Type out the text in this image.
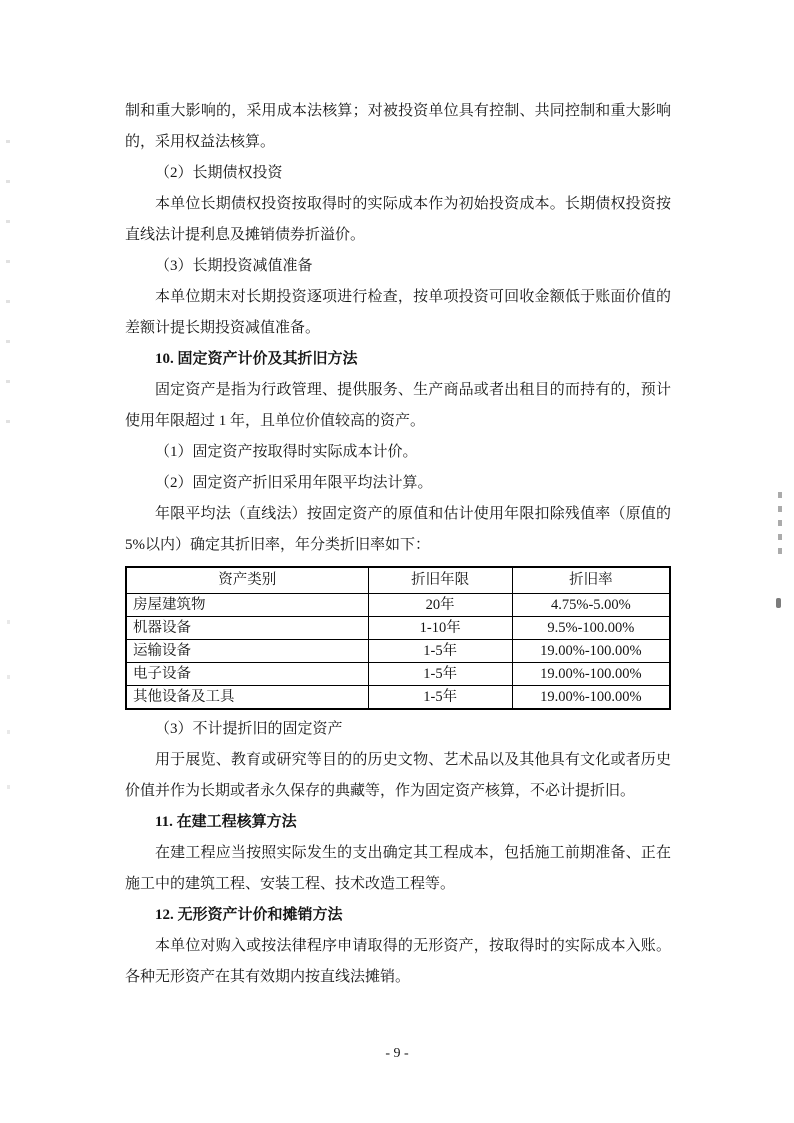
制和重大影响的，采用成本法核算；对被投资单位具有控制、共同控制和重大影响的，采用权益法核算。

（2）长期债权投资

本单位长期债权投资按取得时的实际成本作为初始投资成本。长期债权投资按直线法计提利息及摊销债券折溢价。

（3）长期投资减值准备

本单位期末对长期投资逐项进行检查，按单项投资可回收金额低于账面价值的差额计提长期投资减值准备。

10. 固定资产计价及其折旧方法

固定资产是指为行政管理、提供服务、生产商品或者出租目的而持有的，预计使用年限超过 1 年，且单位价值较高的资产。

（1）固定资产按取得时实际成本计价。

（2）固定资产折旧采用年限平均法计算。

年限平均法（直线法）按固定资产的原值和估计使用年限扣除残值率（原值的 5%以内）确定其折旧率，年分类折旧率如下：

资产类别	折旧年限	折旧率
房屋建筑物	20年	4.75%-5.00%
机器设备	1-10年	9.5%-100.00%
运输设备	1-5年	19.00%-100.00%
电子设备	1-5年	19.00%-100.00%
其他设备及工具	1-5年	19.00%-100.00%

（3）不计提折旧的固定资产

用于展览、教育或研究等目的的历史文物、艺术品以及其他具有文化或者历史价值并作为长期或者永久保存的典藏等，作为固定资产核算，不必计提折旧。

11. 在建工程核算方法

在建工程应当按照实际发生的支出确定其工程成本，包括施工前期准备、正在施工中的建筑工程、安装工程、技术改造工程等。

12. 无形资产计价和摊销方法

本单位对购入或按法律程序申请取得的无形资产，按取得时的实际成本入账。各种无形资产在其有效期内按直线法摊销。

- 9 -
